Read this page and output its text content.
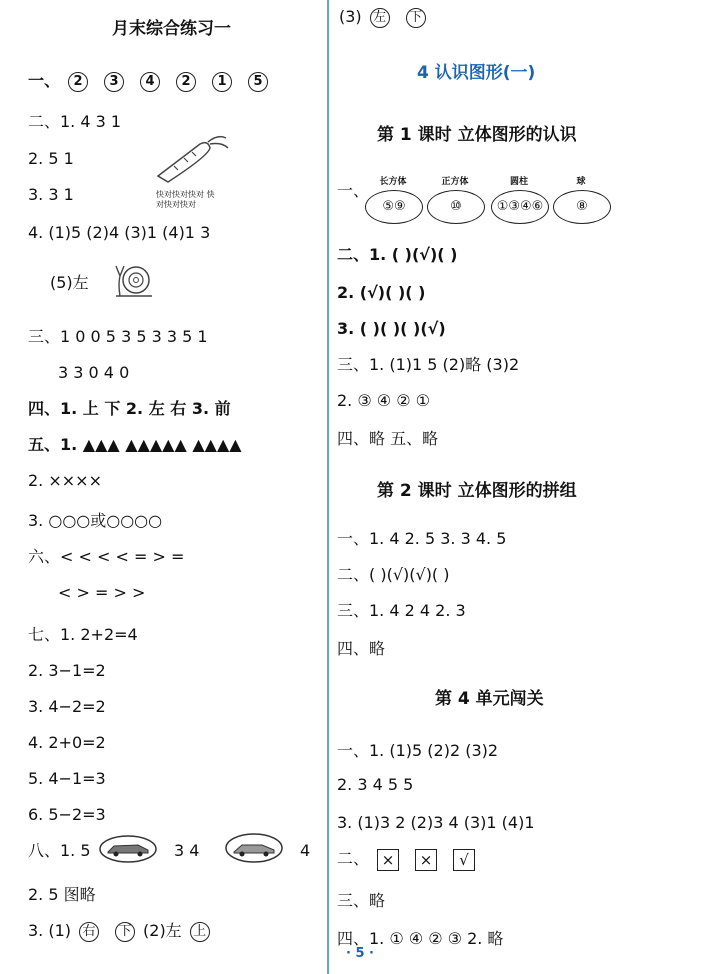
月末综合练习一
一、 2 3 4 2 1 5
二、1. 4 3 1
2. 5 1
快对快对快对 快对快对快对
3. 3 1
4. (1)5 (2)4 (3)1 (4)1 3
(5)左
三、1 0 0 5 3 5 3 3 5 1
3 3 0 4 0
四、1. 上 下 2. 左 右 3. 前
五、1. ▲▲▲ ▲▲▲▲▲ ▲▲▲▲
2. ××××
3. ○○○或○○○○
六、< < < < = > =
< > = > >
七、1. 2+2=4
2. 3−1=2
3. 4−2=2
4. 2+0=2
5. 4−1=3
6. 5−2=3
八、1. 5	3 4	4
2. 5 图略
3. (1) 右 下 (2)左 上
(3) 左 下
4 认识图形(一)
第 1 课时 立体图形的认识
一、	长方体	正方体	圆柱	球
⑤⑨	⑩	①③④⑥	⑧
二、1. ( )(√)( )
2. (√)( )( )
3. ( )( )( )(√)
三、1. (1)1 5 (2)略 (3)2
2. ③ ④ ② ①
四、略 五、略
第 2 课时 立体图形的拼组
一、1. 4 2. 5 3. 3 4. 5
二、( )(√)(√)( )
三、1. 4 2 4 2. 3
四、略
第 4 单元闯关
一、1. (1)5 (2)2 (3)2
2. 3 4 5 5
3. (1)3 2 (2)3 4 (3)1 (4)1
二、 × × √
三、略
四、1. ① ④ ② ③ 2. 略
· 5 ·
